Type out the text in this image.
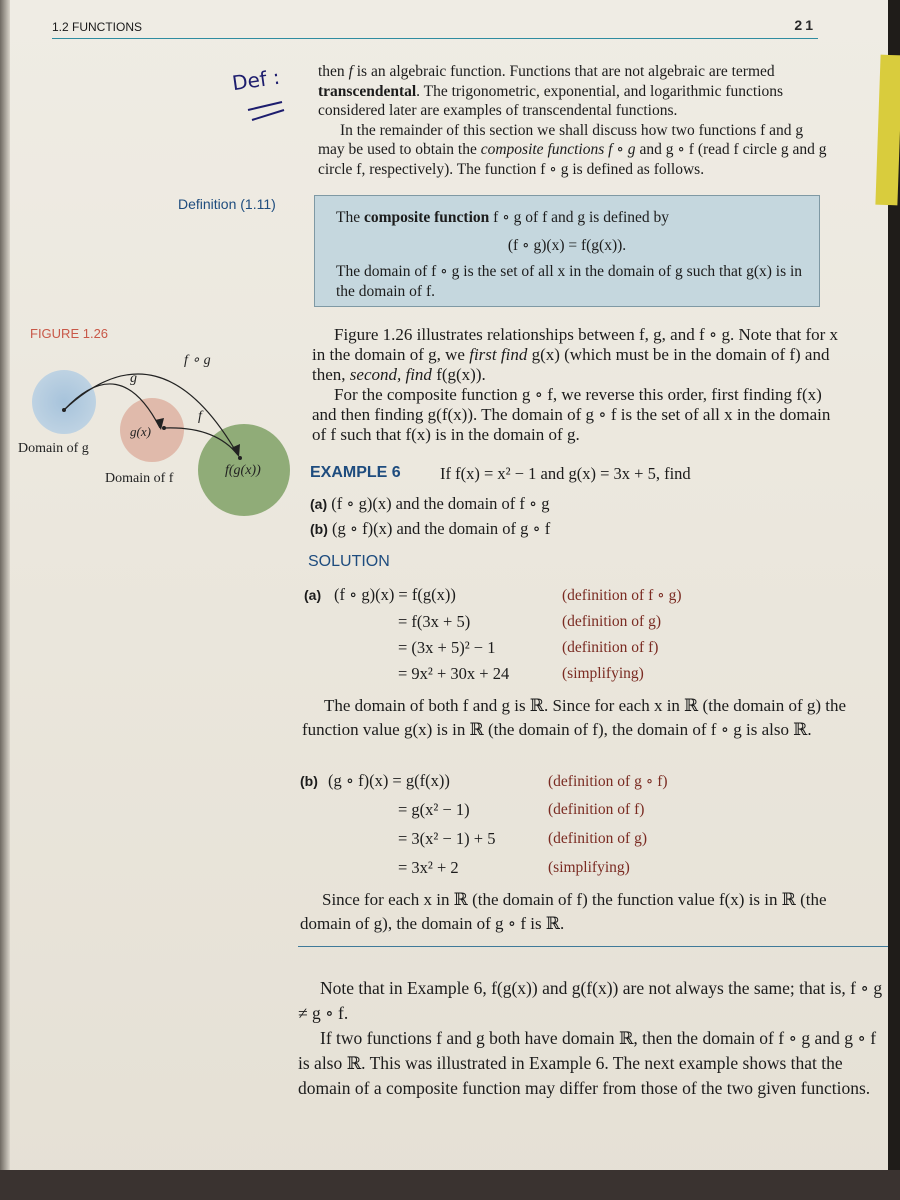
1.2 FUNCTIONS	21
Def : then f is an algebraic function. Functions that are not algebraic are termed transcendental. The trigonometric, exponential, and logarithmic functions considered later are examples of transcendental functions.

In the remainder of this section we shall discuss how two functions f and g may be used to obtain the composite functions f ∘ g and g ∘ f (read f circle g and g circle f, respectively). The function f ∘ g is defined as follows.

Definition (1.11)
The composite function f ∘ g of f and g is defined by
(f ∘ g)(x) = f(g(x)).
The domain of f ∘ g is the set of all x in the domain of g such that g(x) is in the domain of f.
FIGURE 1.26
f ∘ g
g
f
g(x)
f(g(x))
Domain of g
Domain of f

Figure 1.26 illustrates relationships between f, g, and f ∘ g. Note that for x in the domain of g, we first find g(x) (which must be in the domain of f) and then, second, find f(g(x)).

For the composite function g ∘ f, we reverse this order, first finding f(x) and then finding g(f(x)). The domain of g ∘ f is the set of all x in the domain of f such that f(x) is in the domain of g.

EXAMPLE 6 If f(x) = x² − 1 and g(x) = 3x + 5, find
(a) (f ∘ g)(x) and the domain of f ∘ g
(b) (g ∘ f)(x) and the domain of g ∘ f
SOLUTION
(a) (f ∘ g)(x) = f(g(x))	(definition of f ∘ g)
= f(3x + 5)	(definition of g)
= (3x + 5)² − 1	(definition of f)
= 9x² + 30x + 24	(simplifying)

The domain of both f and g is ℝ. Since for each x in ℝ (the domain of g) the function value g(x) is in ℝ (the domain of f), the domain of f ∘ g is also ℝ.

(b) (g ∘ f)(x) = g(f(x))	(definition of g ∘ f)
= g(x² − 1)	(definition of f)
= 3(x² − 1) + 5	(definition of g)
= 3x² + 2	(simplifying)

Since for each x in ℝ (the domain of f) the function value f(x) is in ℝ (the domain of g), the domain of g ∘ f is ℝ.

Note that in Example 6, f(g(x)) and g(f(x)) are not always the same; that is, f ∘ g ≠ g ∘ f.

If two functions f and g both have domain ℝ, then the domain of f ∘ g and g ∘ f is also ℝ. This was illustrated in Example 6. The next example shows that the domain of a composite function may differ from those of the two given functions.
